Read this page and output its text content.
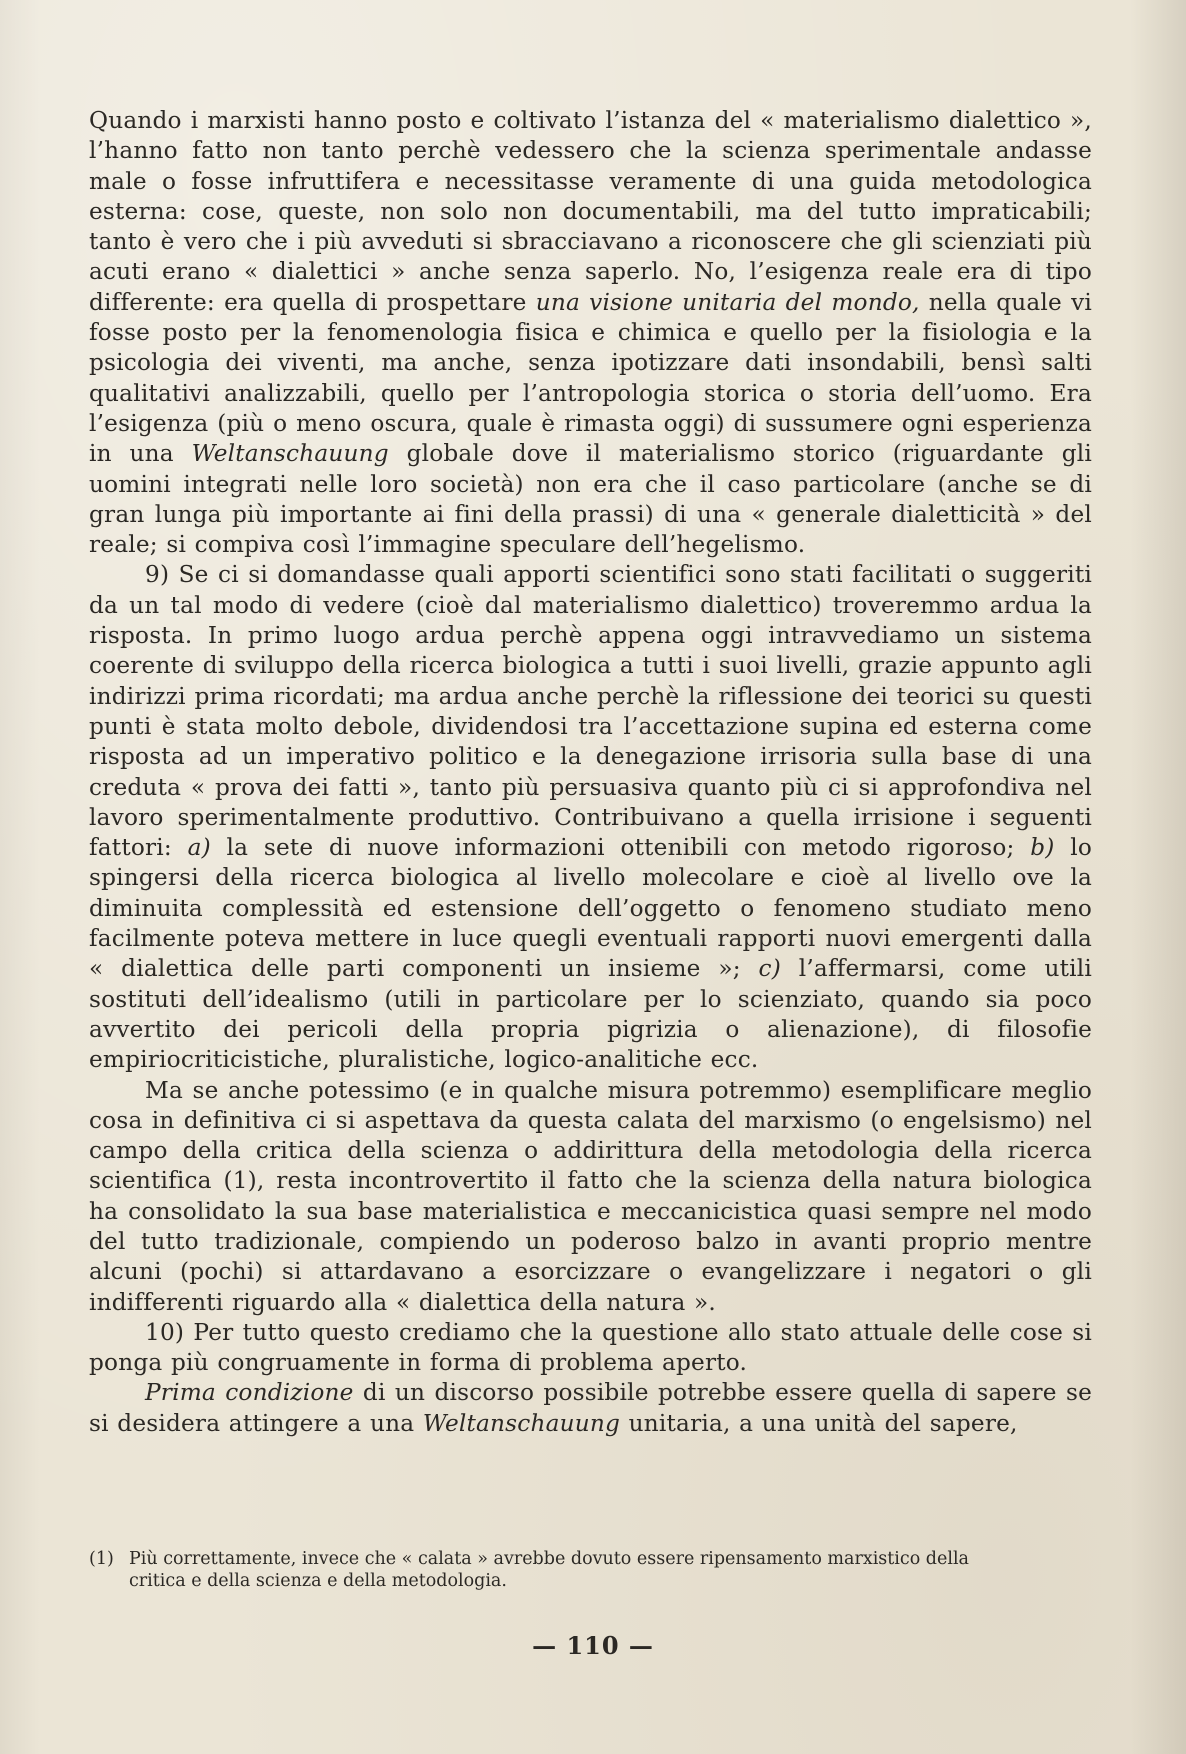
Quando i marxisti hanno posto e coltivato l’istanza del « materialismo dialettico », l’hanno fatto non tanto perchè vedessero che la scienza sperimentale andasse male o fosse infruttifera e necessitasse veramente di una guida metodologica esterna: cose, queste, non solo non documentabili, ma del tutto impraticabili; tanto è vero che i più avveduti si sbracciavano a riconoscere che gli scienziati più acuti erano « dialettici » anche senza saperlo. No, l’esigenza reale era di tipo differente: era quella di prospettare una visione unitaria del mondo, nella quale vi fosse posto per la fenomenologia fisica e chimica e quello per la fisiologia e la psicologia dei viventi, ma anche, senza ipotizzare dati insondabili, bensì salti qualitativi analizzabili, quello per l’antropologia storica o storia dell’uomo. Era l’esigenza (più o meno oscura, quale è rimasta oggi) di sussumere ogni esperienza in una Weltanschauung globale dove il materialismo storico (riguardante gli uomini integrati nelle loro società) non era che il caso particolare (anche se di gran lunga più importante ai fini della prassi) di una « generale dialetticità » del reale; si compiva così l’immagine speculare dell’hegelismo.

9) Se ci si domandasse quali apporti scientifici sono stati facilitati o suggeriti da un tal modo di vedere (cioè dal materialismo dialettico) troveremmo ardua la risposta. In primo luogo ardua perchè appena oggi intravvediamo un sistema coerente di sviluppo della ricerca biologica a tutti i suoi livelli, grazie appunto agli indirizzi prima ricordati; ma ardua anche perchè la riflessione dei teorici su questi punti è stata molto debole, dividendosi tra l’accettazione supina ed esterna come risposta ad un imperativo politico e la denegazione irrisoria sulla base di una creduta « prova dei fatti », tanto più persuasiva quanto più ci si approfondiva nel lavoro sperimentalmente produttivo. Contribuivano a quella irrisione i seguenti fattori: a) la sete di nuove informazioni ottenibili con metodo rigoroso; b) lo spingersi della ricerca biologica al livello molecolare e cioè al livello ove la diminuita complessità ed estensione dell’oggetto o fenomeno studiato meno facilmente poteva mettere in luce quegli eventuali rapporti nuovi emergenti dalla « dialettica delle parti componenti un insieme »; c) l’affermarsi, come utili sostituti dell’idealismo (utili in particolare per lo scienziato, quando sia poco avvertito dei pericoli della propria pigrizia o alienazione), di filosofie empiriocriticistiche, pluralistiche, logico-analitiche ecc.

Ma se anche potessimo (e in qualche misura potremmo) esemplificare meglio cosa in definitiva ci si aspettava da questa calata del marxismo (o engelsismo) nel campo della critica della scienza o addirittura della metodologia della ricerca scientifica (1), resta incontrovertito il fatto che la scienza della natura biologica ha consolidato la sua base materialistica e meccanicistica quasi sempre nel modo del tutto tradizionale, compiendo un poderoso balzo in avanti proprio mentre alcuni (pochi) si attardavano a esorcizzare o evangelizzare i negatori o gli indifferenti riguardo alla « dialettica della natura ».

10) Per tutto questo crediamo che la questione allo stato attuale delle cose si ponga più congruamente in forma di problema aperto.

Prima condizione di un discorso possibile potrebbe essere quella di sapere se si desidera attingere a una Weltanschauung unitaria, a una unità del sapere,

(1) Più correttamente, invece che « calata » avrebbe dovuto essere ripensamento marxistico della
critica e della scienza e della metodologia.
— 110 —
